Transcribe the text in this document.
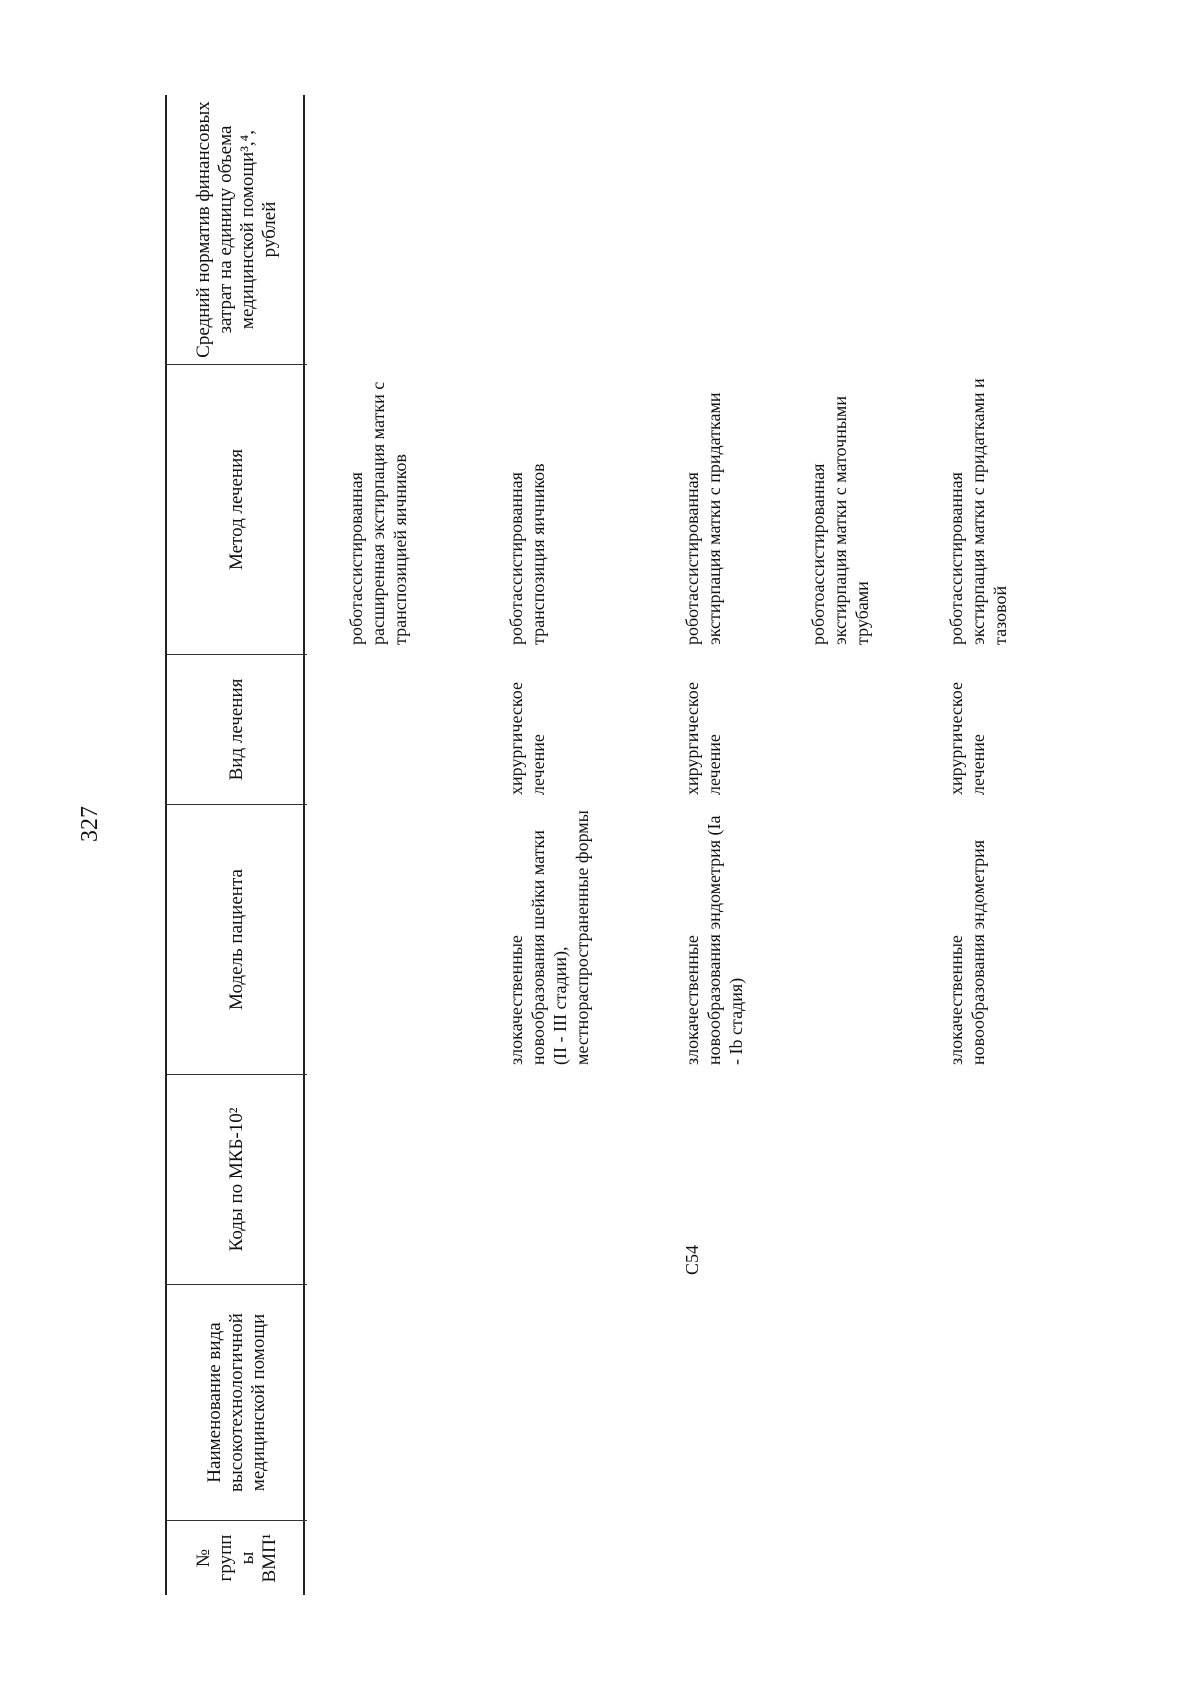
327
№ групп ы ВМП¹
Наименование вида высокотехнологичной медицинской помощи
Коды по МКБ-10²
Модель пациента
Вид лечения
Метод лечения
Средний норматив финансовых затрат на единицу объема медицинской помощи³,⁴, рублей
роботассистированная расширенная экстирпация матки с транспозицией яичников
злокачественные новообразования шейки матки (II - III стадии), местнораспространенные формы
хирургическое лечение
роботассистированная транспозиция яичников
C54
злокачественные новообразования эндометрия (Ia - Ib стадия)
хирургическое лечение
роботассистированная экстирпация матки с придатками	роботоассистированная экстирпация матки с маточными трубами
злокачественные новообразования эндометрия
хирургическое лечение
роботассистированная экстирпация матки с придатками и тазовой
